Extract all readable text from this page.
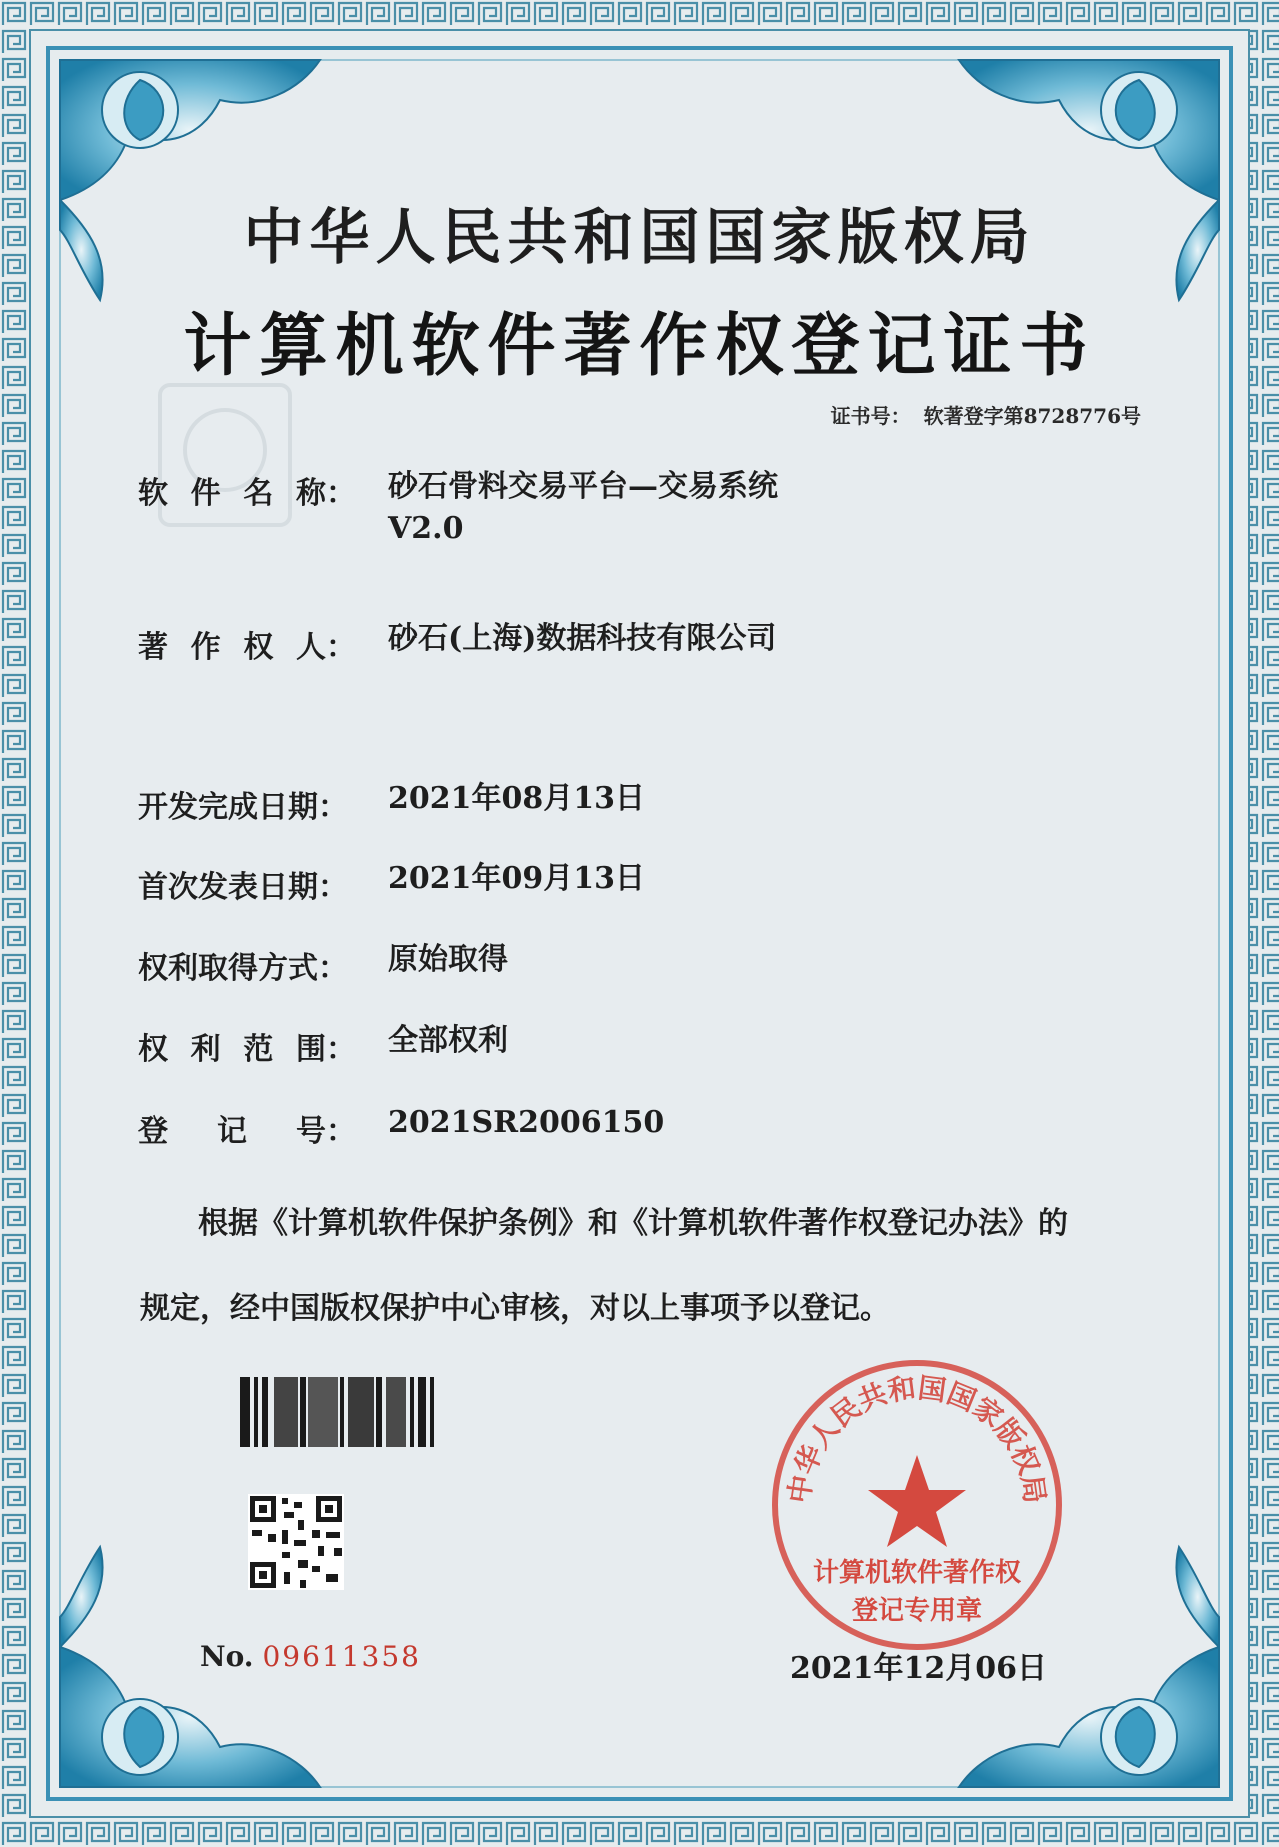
中华人民共和国国家版权局
计算机软件著作权登记证书
证书号： 软著登字第8728776号
软 件 名 称： 砂石骨料交易平台—交易系统
V2.0
著 作 权 人： 砂石(上海)数据科技有限公司
开发完成日期： 2021年08月13日
首次发表日期： 2021年09月13日
权利取得方式： 原始取得
权 利 范 围： 全部权利
登 记 号： 2021SR2006150
根据《计算机软件保护条例》和《计算机软件著作权登记办法》的
规定，经中国版权保护中心审核，对以上事项予以登记。
中华人民共和国国家版权局
计算机软件著作权
登记专用章
No. 09611358	2021年12月06日
